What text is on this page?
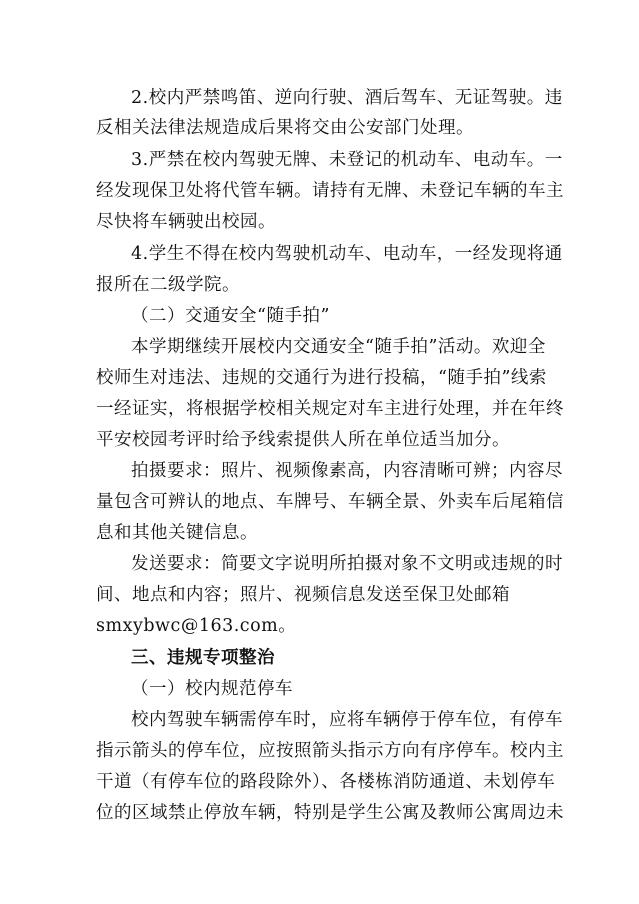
2.校内严禁鸣笛、逆向行驶、酒后驾车、无证驾驶。违
反相关法律法规造成后果将交由公安部门处理。
3.严禁在校内驾驶无牌、未登记的机动车、电动车。一
经发现保卫处将代管车辆。请持有无牌、未登记车辆的车主
尽快将车辆驶出校园。
4.学生不得在校内驾驶机动车、电动车，一经发现将通
报所在二级学院。
（二）交通安全“随手拍”
本学期继续开展校内交通安全“随手拍”活动。欢迎全
校师生对违法、违规的交通行为进行投稿，“随手拍”线索
一经证实，将根据学校相关规定对车主进行处理，并在年终
平安校园考评时给予线索提供人所在单位适当加分。
拍摄要求：照片、视频像素高，内容清晰可辨；内容尽
量包含可辨认的地点、车牌号、车辆全景、外卖车后尾箱信
息和其他关键信息。
发送要求：简要文字说明所拍摄对象不文明或违规的时
间、地点和内容；照片、视频信息发送至保卫处邮箱
smxybwc@163.com。
三、违规专项整治
（一）校内规范停车
校内驾驶车辆需停车时，应将车辆停于停车位，有停车
指示箭头的停车位，应按照箭头指示方向有序停车。校内主
干道（有停车位的路段除外）、各楼栋消防通道、未划停车
位的区域禁止停放车辆，特别是学生公寓及教师公寓周边未
